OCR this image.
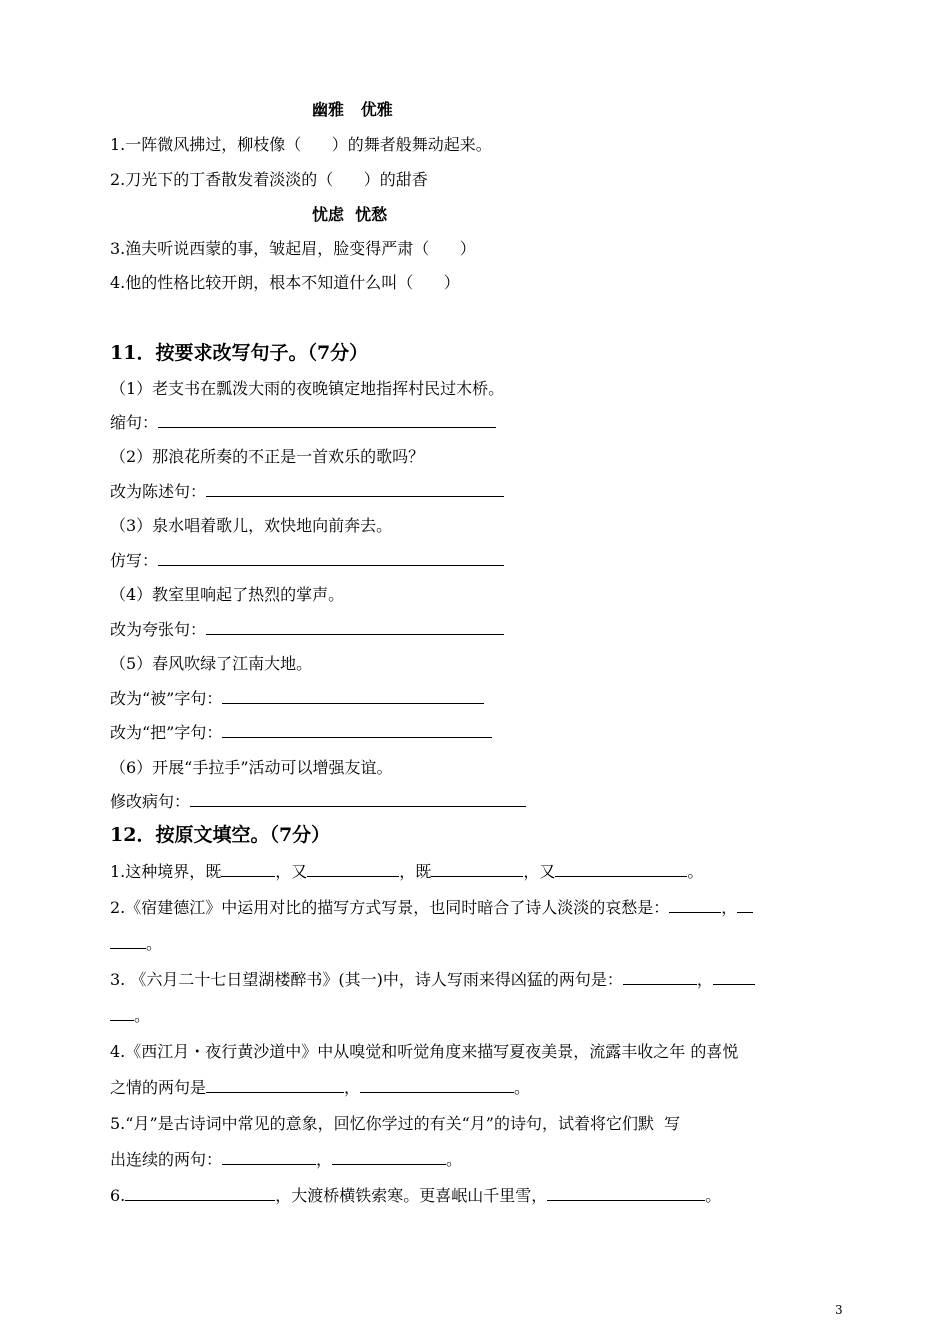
幽雅   优雅
1.一阵微风拂过，柳枝像（      ）的舞者般舞动起来。
2.刀光下的丁香散发着淡淡的（      ）的甜香
忧虑  忧愁
3.渔夫听说西蒙的事，皱起眉，脸变得严肃（      ）
4.他的性格比较开朗，根本不知道什么叫（      ）
11．按要求改写句子。（7分）
（1）老支书在瓢泼大雨的夜晚镇定地指挥村民过木桥。
缩句：
（2）那浪花所奏的不正是一首欢乐的歌吗？
改为陈述句：
（3）泉水唱着歌儿，欢快地向前奔去。
仿写：
（4）教室里响起了热烈的掌声。
改为夸张句：
（5）春风吹绿了江南大地。
改为“被”字句：
改为“把”字句：
（6）开展“手拉手”活动可以增强友谊。
修改病句：
12．按原文填空。（7分）
1.这种境界，既	，又	，既	，又	。
2.《宿建德江》中运用对比的描写方式写景，也同时暗合了诗人淡淡的哀愁是：	，
。
3. 《六月二十七日望湖楼醉书》(其一)中，诗人写雨来得凶猛的两句是：	，
。
4.《西江月・夜行黄沙道中》中从嗅觉和听觉角度来描写夏夜美景，流露丰收之年 的喜悦
之情的两句是	，	。
5.“月”是古诗词中常见的意象，回忆你学过的有关“月”的诗句，试着将它们默  写
出连续的两句：	，	。
6.	，大渡桥横铁索寒。更喜岷山千里雪，	。
3
